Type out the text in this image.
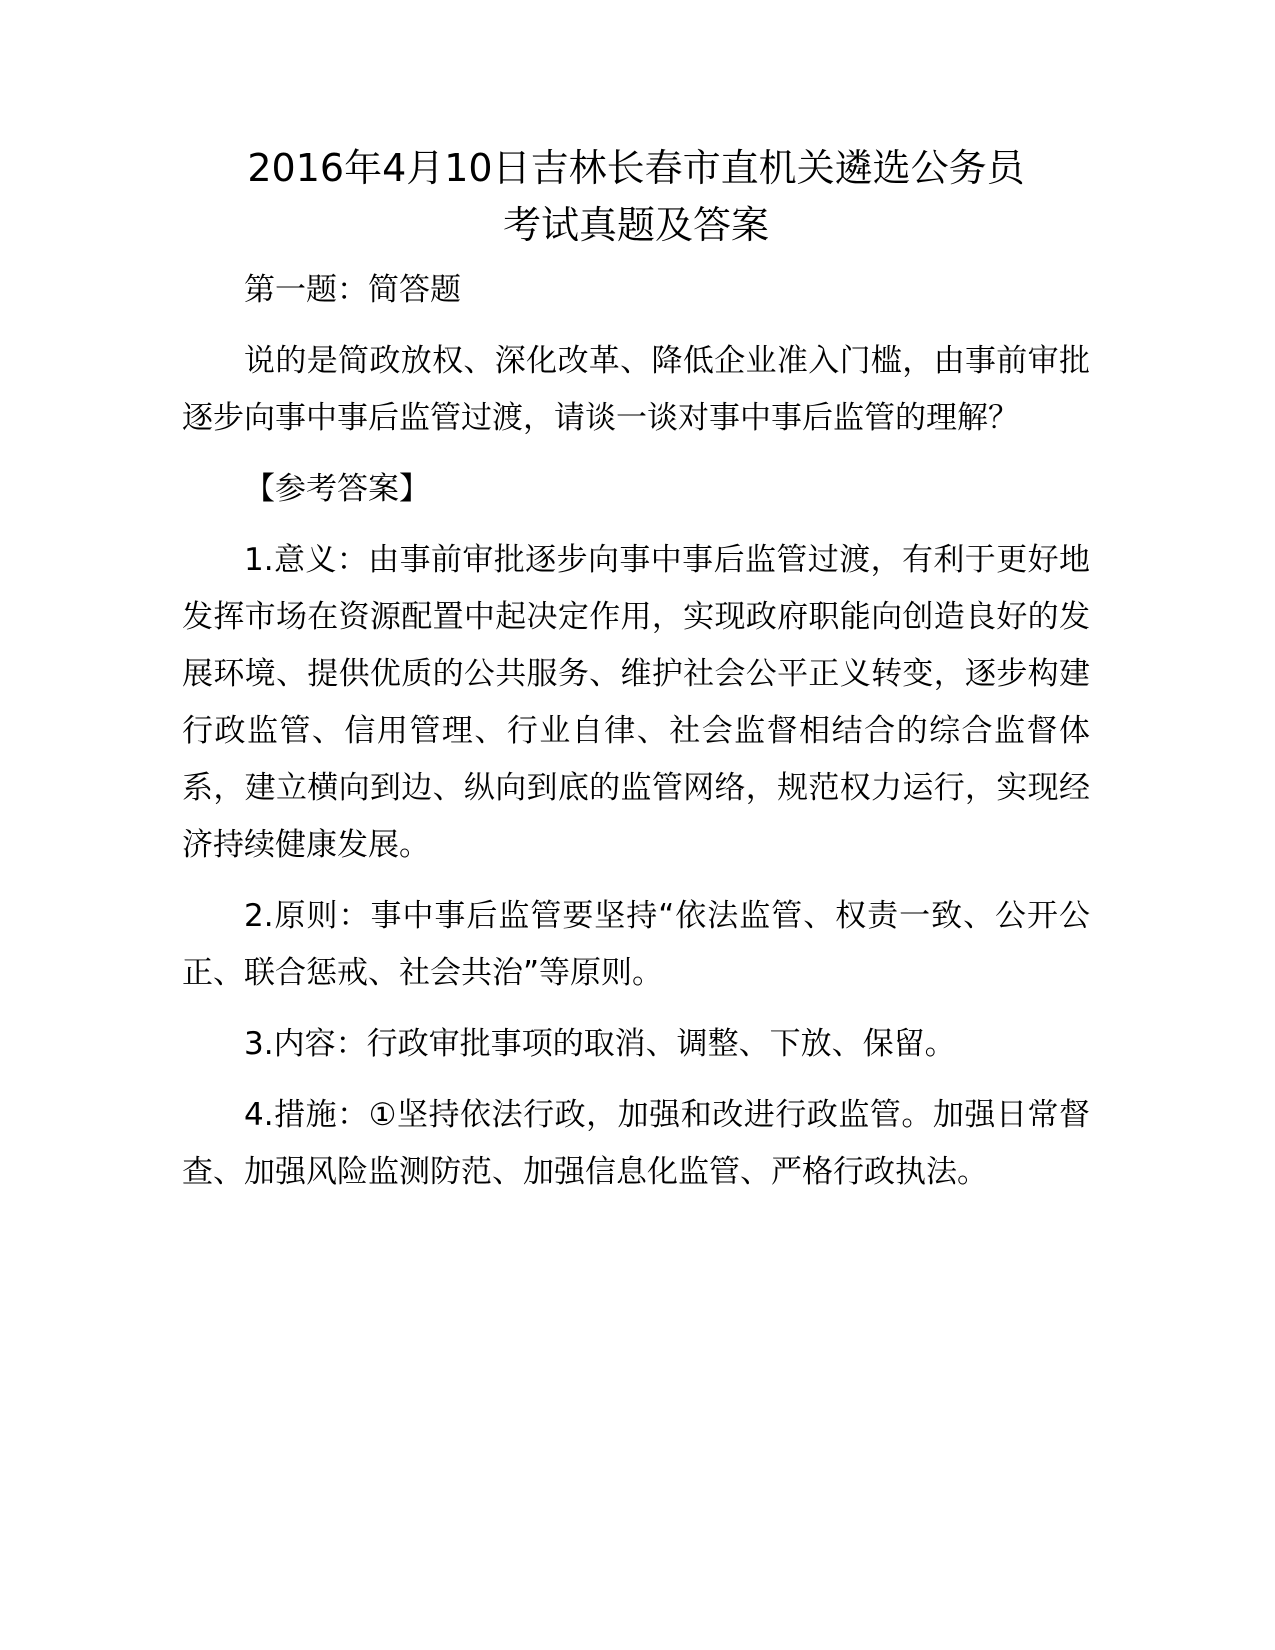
2016年4月10日吉林长春市直机关遴选公务员
考试真题及答案

第一题：简答题

说的是简政放权、深化改革、降低企业准入门槛，由事前审批逐步向事中事后监管过渡，请谈一谈对事中事后监管的理解？

【参考答案】

1.意义：由事前审批逐步向事中事后监管过渡，有利于更好地发挥市场在资源配置中起决定作用，实现政府职能向创造良好的发展环境、提供优质的公共服务、维护社会公平正义转变，逐步构建行政监管、信用管理、行业自律、社会监督相结合的综合监督体系，建立横向到边、纵向到底的监管网络，规范权力运行，实现经济持续健康发展。

2.原则：事中事后监管要坚持“依法监管、权责一致、公开公正、联合惩戒、社会共治”等原则。

3.内容：行政审批事项的取消、调整、下放、保留。

4.措施：①坚持依法行政，加强和改进行政监管。加强日常督查、加强风险监测防范、加强信息化监管、严格行政执法。
